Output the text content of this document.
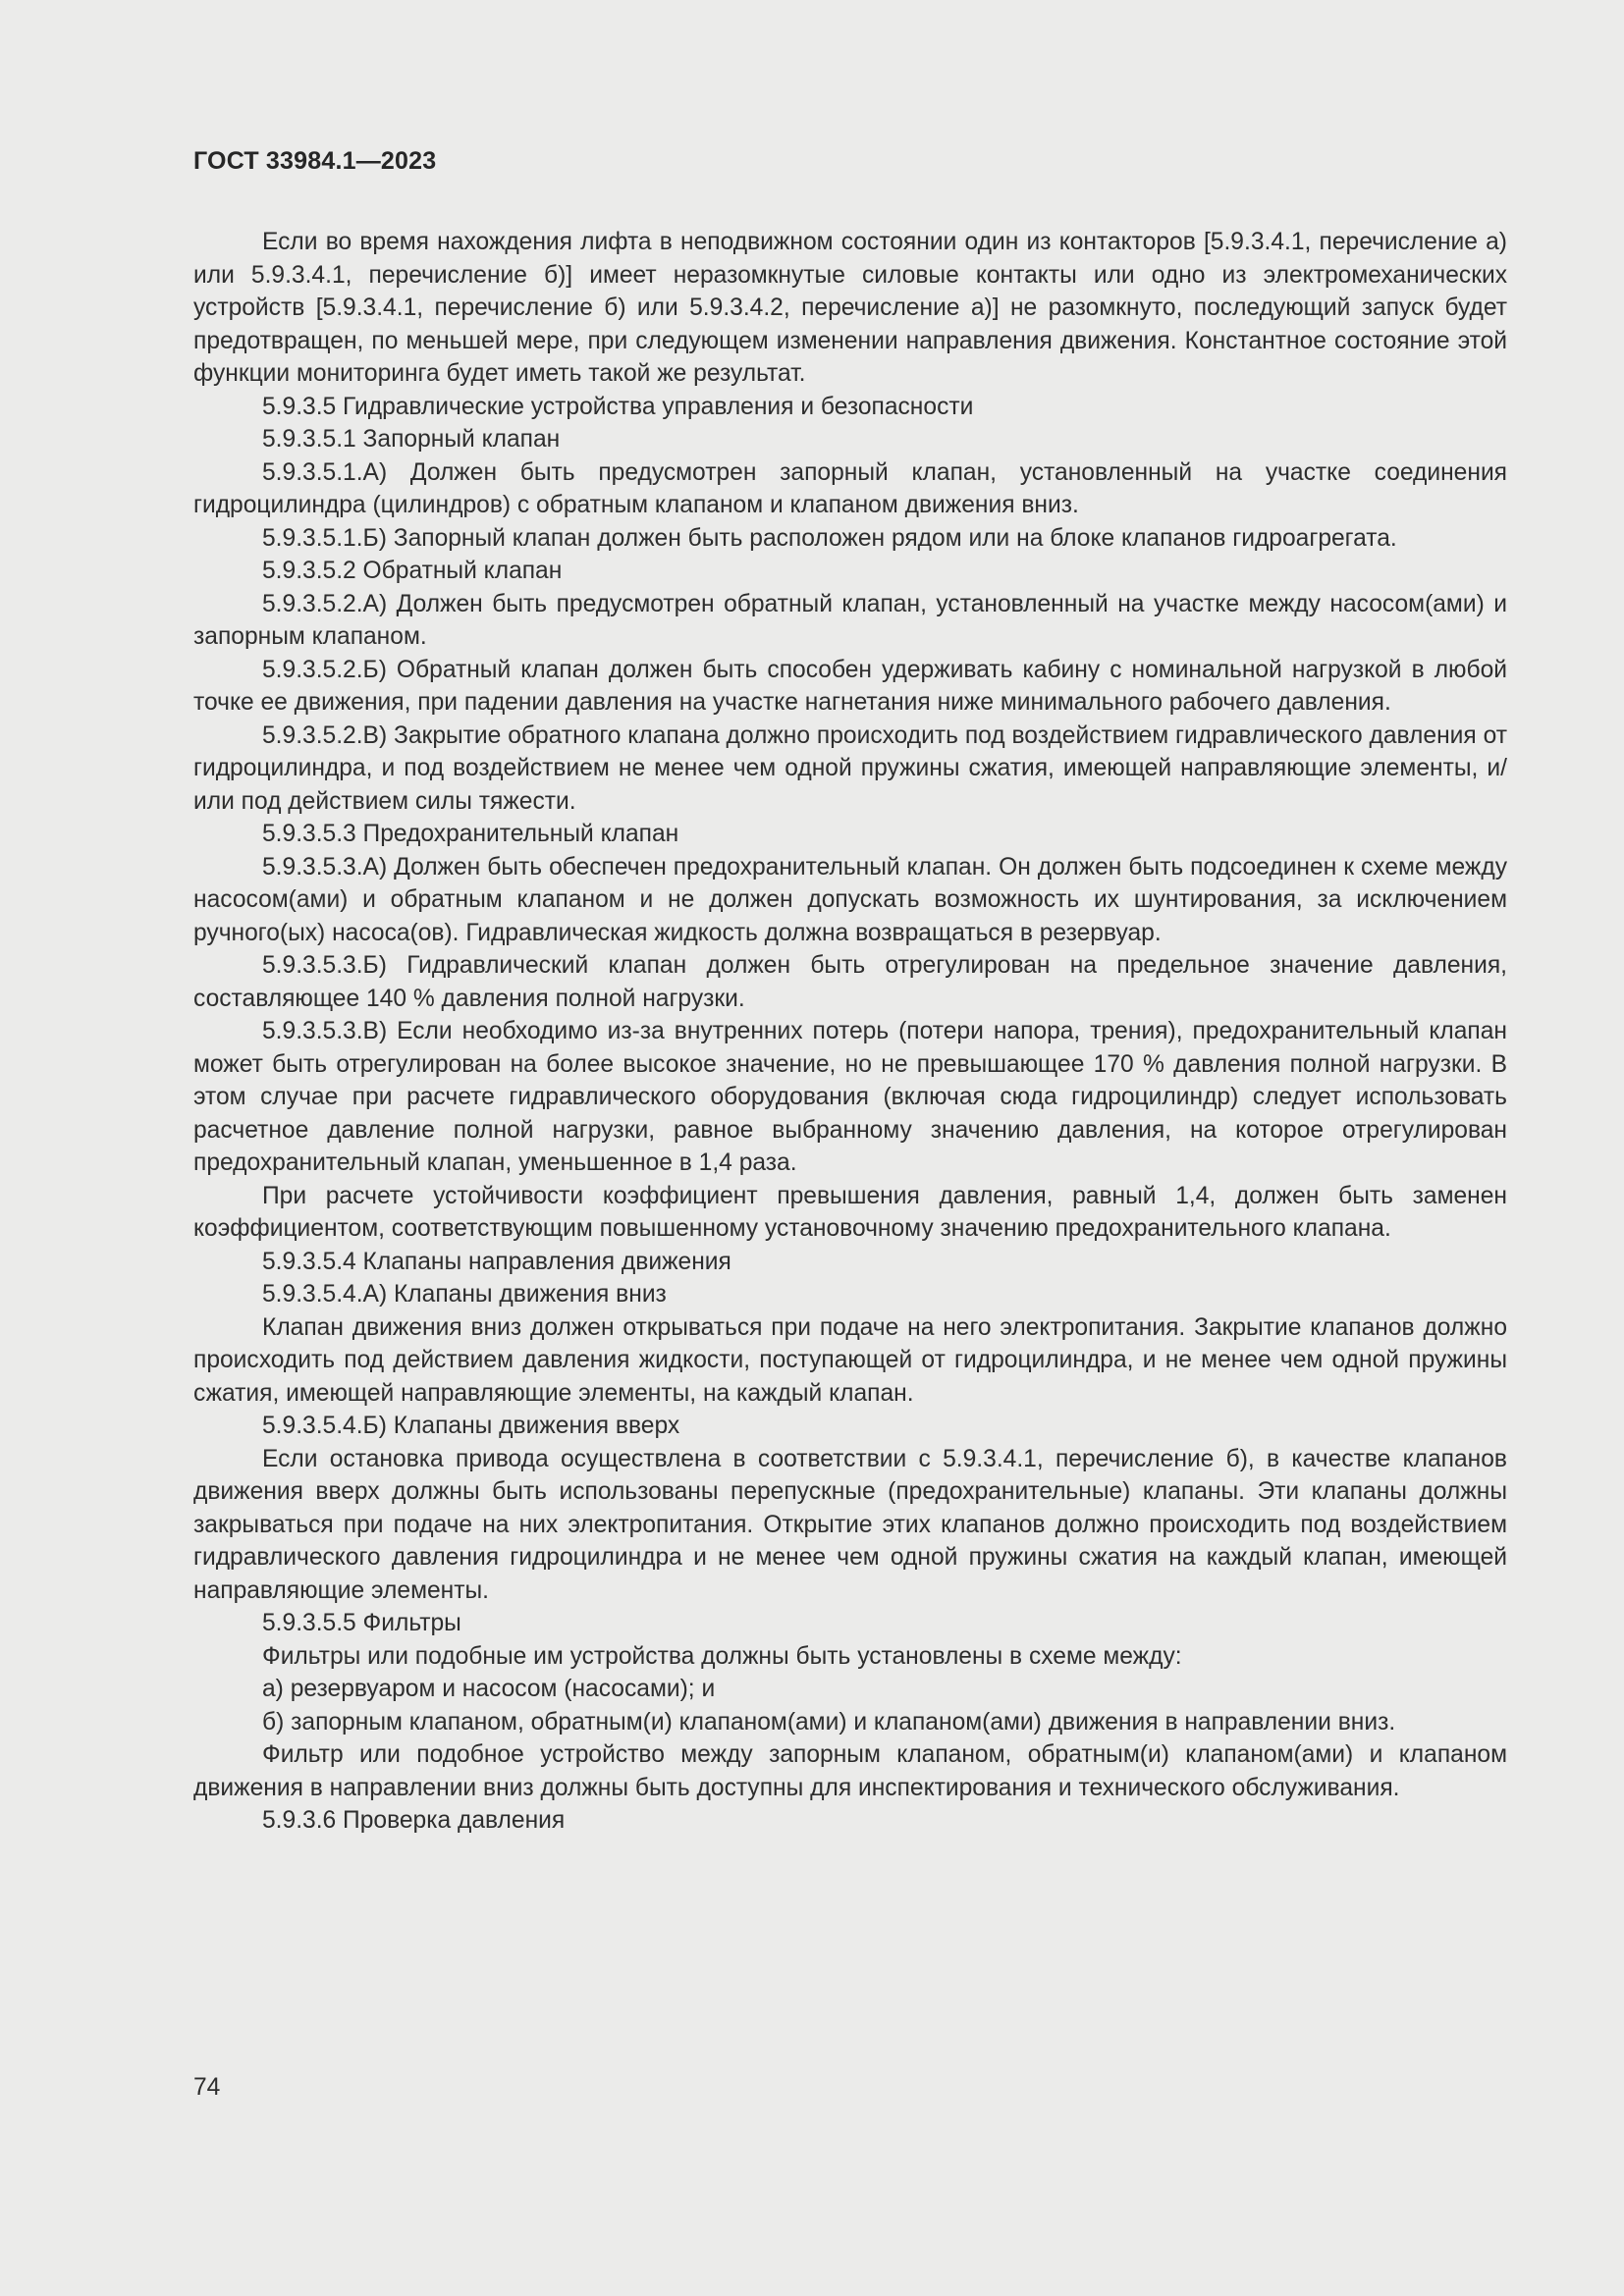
ГОСТ 33984.1—2023

Если во время нахождения лифта в неподвижном состоянии один из контакторов [5.9.3.4.1, перечисление а) или 5.9.3.4.1, перечисление б)] имеет неразомкнутые силовые контакты или одно из электромеханических устройств [5.9.3.4.1, перечисление б) или 5.9.3.4.2, перечисление а)] не разомкнуто, последующий запуск будет предотвращен, по меньшей мере, при следующем изменении направления движения. Константное состояние этой функции мониторинга будет иметь такой же результат.

5.9.3.5 Гидравлические устройства управления и безопасности

5.9.3.5.1 Запорный клапан

5.9.3.5.1.А) Должен быть предусмотрен запорный клапан, установленный на участке соединения гидроцилиндра (цилиндров) с обратным клапаном и клапаном движения вниз.

5.9.3.5.1.Б) Запорный клапан должен быть расположен рядом или на блоке клапанов гидроагрегата.

5.9.3.5.2 Обратный клапан

5.9.3.5.2.А) Должен быть предусмотрен обратный клапан, установленный на участке между насосом(ами) и запорным клапаном.

5.9.3.5.2.Б) Обратный клапан должен быть способен удерживать кабину с номинальной нагрузкой в любой точке ее движения, при падении давления на участке нагнетания ниже минимального рабочего давления.

5.9.3.5.2.В) Закрытие обратного клапана должно происходить под воздействием гидравлического давления от гидроцилиндра, и под воздействием не менее чем одной пружины сжатия, имеющей направляющие элементы, и/или под действием силы тяжести.

5.9.3.5.3 Предохранительный клапан

5.9.3.5.3.А) Должен быть обеспечен предохранительный клапан. Он должен быть подсоединен к схеме между насосом(ами) и обратным клапаном и не должен допускать возможность их шунтирования, за исключением ручного(ых) насоса(ов). Гидравлическая жидкость должна возвращаться в резервуар.

5.9.3.5.3.Б) Гидравлический клапан должен быть отрегулирован на предельное значение давления, составляющее 140 % давления полной нагрузки.

5.9.3.5.3.В) Если необходимо из-за внутренних потерь (потери напора, трения), предохранительный клапан может быть отрегулирован на более высокое значение, но не превышающее 170 % давления полной нагрузки. В этом случае при расчете гидравлического оборудования (включая сюда гидроцилиндр) следует использовать расчетное давление полной нагрузки, равное выбранному значению давления, на которое отрегулирован предохранительный клапан, уменьшенное в 1,4 раза.

При расчете устойчивости коэффициент превышения давления, равный 1,4, должен быть заменен коэффициентом, соответствующим повышенному установочному значению предохранительного клапана.

5.9.3.5.4 Клапаны направления движения

5.9.3.5.4.А) Клапаны движения вниз

Клапан движения вниз должен открываться при подаче на него электропитания. Закрытие клапанов должно происходить под действием давления жидкости, поступающей от гидроцилиндра, и не менее чем одной пружины сжатия, имеющей направляющие элементы, на каждый клапан.

5.9.3.5.4.Б) Клапаны движения вверх

Если остановка привода осуществлена в соответствии с 5.9.3.4.1, перечисление б), в качестве клапанов движения вверх должны быть использованы перепускные (предохранительные) клапаны. Эти клапаны должны закрываться при подаче на них электропитания. Открытие этих клапанов должно происходить под воздействием гидравлического давления гидроцилиндра и не менее чем одной пружины сжатия на каждый клапан, имеющей направляющие элементы.

5.9.3.5.5 Фильтры

Фильтры или подобные им устройства должны быть установлены в схеме между:

а) резервуаром и насосом (насосами); и

б) запорным клапаном, обратным(и) клапаном(ами) и клапаном(ами) движения в направлении вниз.

Фильтр или подобное устройство между запорным клапаном, обратным(и) клапаном(ами) и клапаном движения в направлении вниз должны быть доступны для инспектирования и технического обслуживания.

5.9.3.6 Проверка давления

74
